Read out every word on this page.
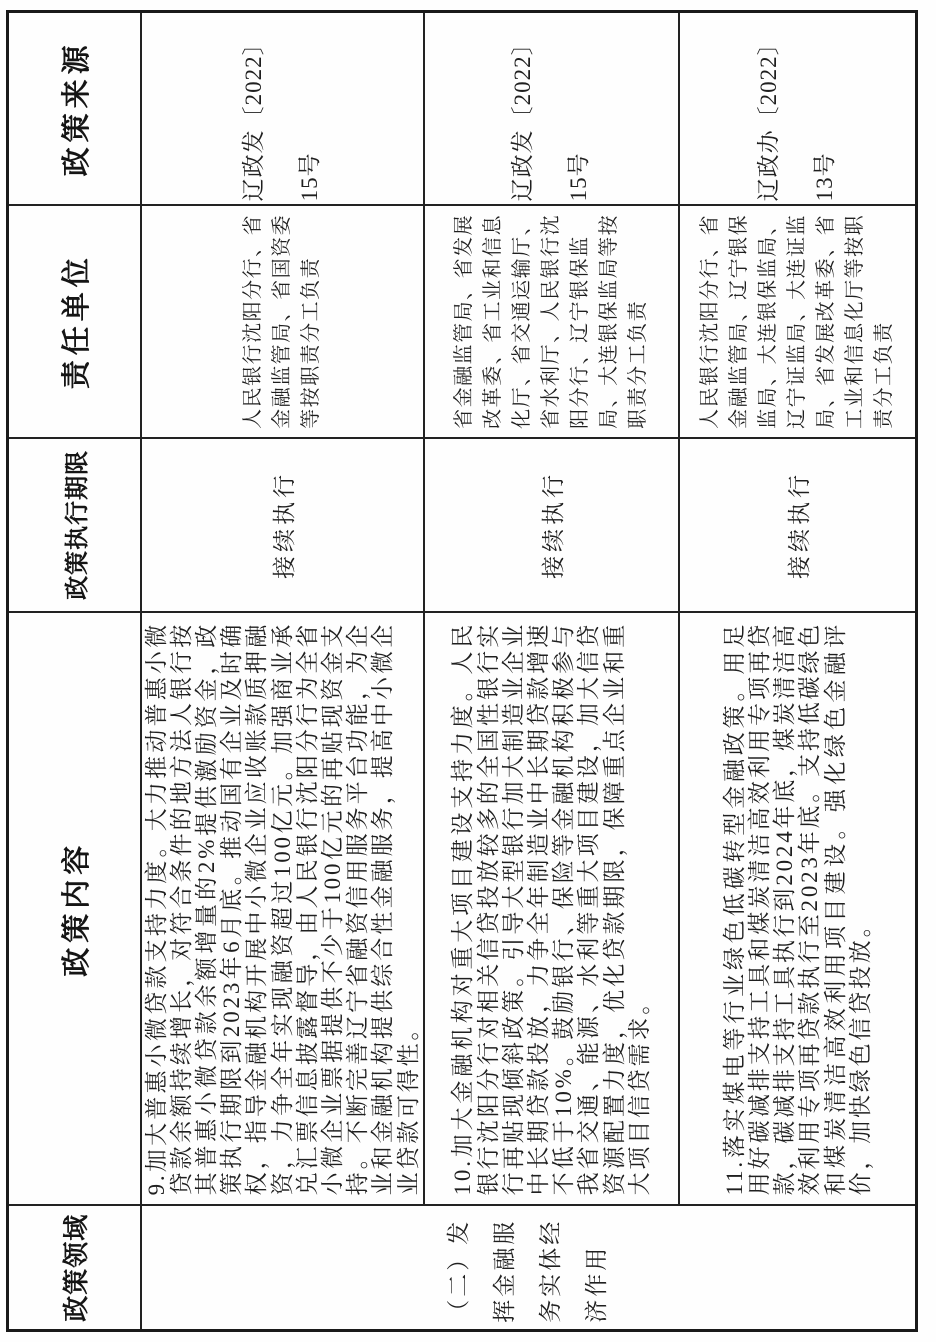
政策领域	政策内容	政策执行期限	责任单位	政策来源

（二）发挥金融服务实体经济作用	9.加大普惠小微贷款支持力度。大力推动普惠小微贷款余额持续增长，对符合条件的地方法人银行按其普惠小微贷款余额增量的2%提供激励资金，政策执行期限到2023年6月底。推动国有企业及时确权，指导金融机构开展中小微企业应收账款质押融资，力争全年实现融资超过100亿元。加强商业承兑汇票信息披露督导，由人民银行沈阳分行为全省小微企业票据提供不少于100亿元的再贴现资金支持。不断完善辽宁省融资信用服务平台功能，为企业和金融机构提供综合性金融服务，提高中小微企业贷款可得性。	接续执行	人民银行沈阳分行、省金融监管局、省国资委等按职责分工负责	辽政发〔2022〕15号

	10.加大金融机构对重大项目建设支持力度。人民银行沈阳分行对相关信贷投放较多的全国性银行实行再贴现倾斜政策。引导大型银行加大制造业企业中长期贷款投放，力争全年制造业中长期贷款增速不低于10%。鼓励银行、保险等金融机构积极参与我省交通、能源、水利等重大项目建设，加大信贷资源配置力度，优化贷款期限，保障重点企业和重大项目信贷需求。	接续执行	省金融监管局、省发展改革委、省工业和信息化厅、省交通运输厅、省水利厅、人民银行沈阳分行、辽宁银保监局、大连银保监局等按职责分工负责	辽政发〔2022〕15号

	11.落实煤电等行业绿色低碳转型金融政策。用足用好碳减排支持工具和煤炭清洁高效利用专项再贷款，碳减排支持工具执行到2024年底，煤炭清洁高效利用专项再贷款执行至2023年底。支持低碳绿色和煤炭清洁高效利用项目建设。强化绿色金融评价，加快绿色信贷投放。	接续执行	人民银行沈阳分行、省金融监管局、辽宁银保监局、大连银保监局、辽宁证监局、大连证监局、省发展改革委、省工业和信息化厅等按职责分工负责	辽政办〔2022〕13号
